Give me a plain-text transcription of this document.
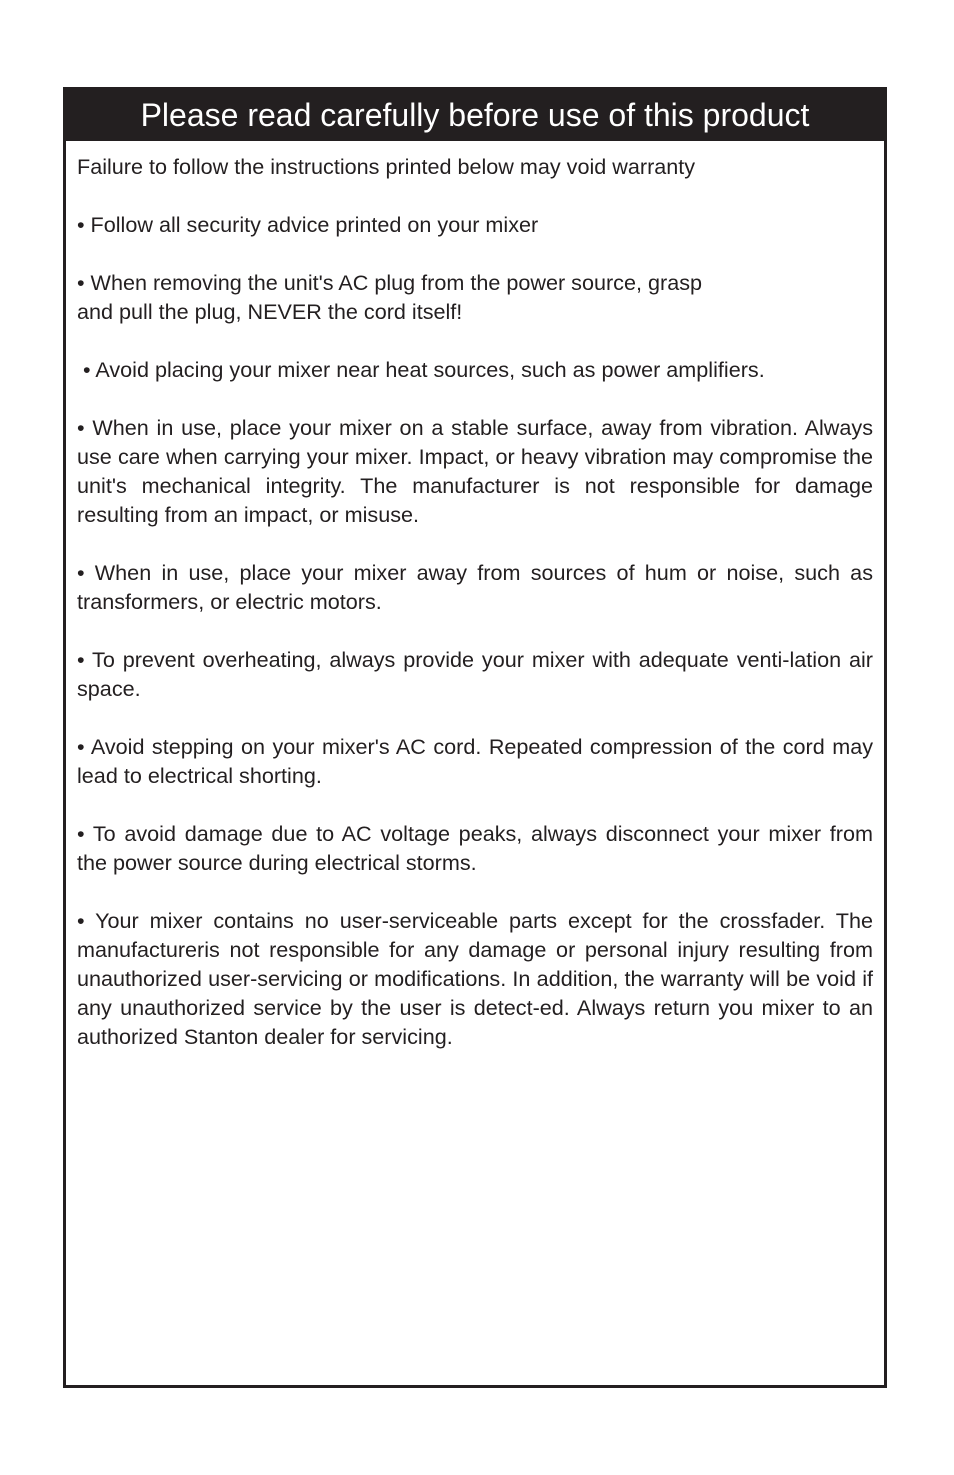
Please read carefully before use of this product

Failure to follow the instructions printed below may void warranty

• Follow all security advice printed on your mixer

• When removing the unit's AC plug from the power source, grasp
and pull the plug, NEVER the cord itself!

• Avoid placing your mixer near heat sources, such as power amplifiers.

• When in use, place your mixer on a stable surface, away from vibration. Always use care when carrying your mixer. Impact, or heavy vibration may compromise the unit's mechanical integrity. The manufacturer is not responsible for damage resulting from an impact, or misuse.

• When in use, place your mixer away from sources of hum or noise, such as transformers, or electric motors.

• To prevent overheating, always provide your mixer with adequate venti-lation air space.

• Avoid stepping on your mixer's AC cord. Repeated compression of the cord may lead to electrical shorting.

• To avoid damage due to AC voltage peaks, always disconnect your mixer from the power source during electrical storms.

• Your mixer contains no user-serviceable parts except for the crossfader. The manufactureris not responsible for any damage or personal injury resulting from unauthorized user-servicing or modifications. In addition, the warranty will be void if any unauthorized service by the user is detect-ed. Always return you mixer to an authorized Stanton dealer for servicing.
